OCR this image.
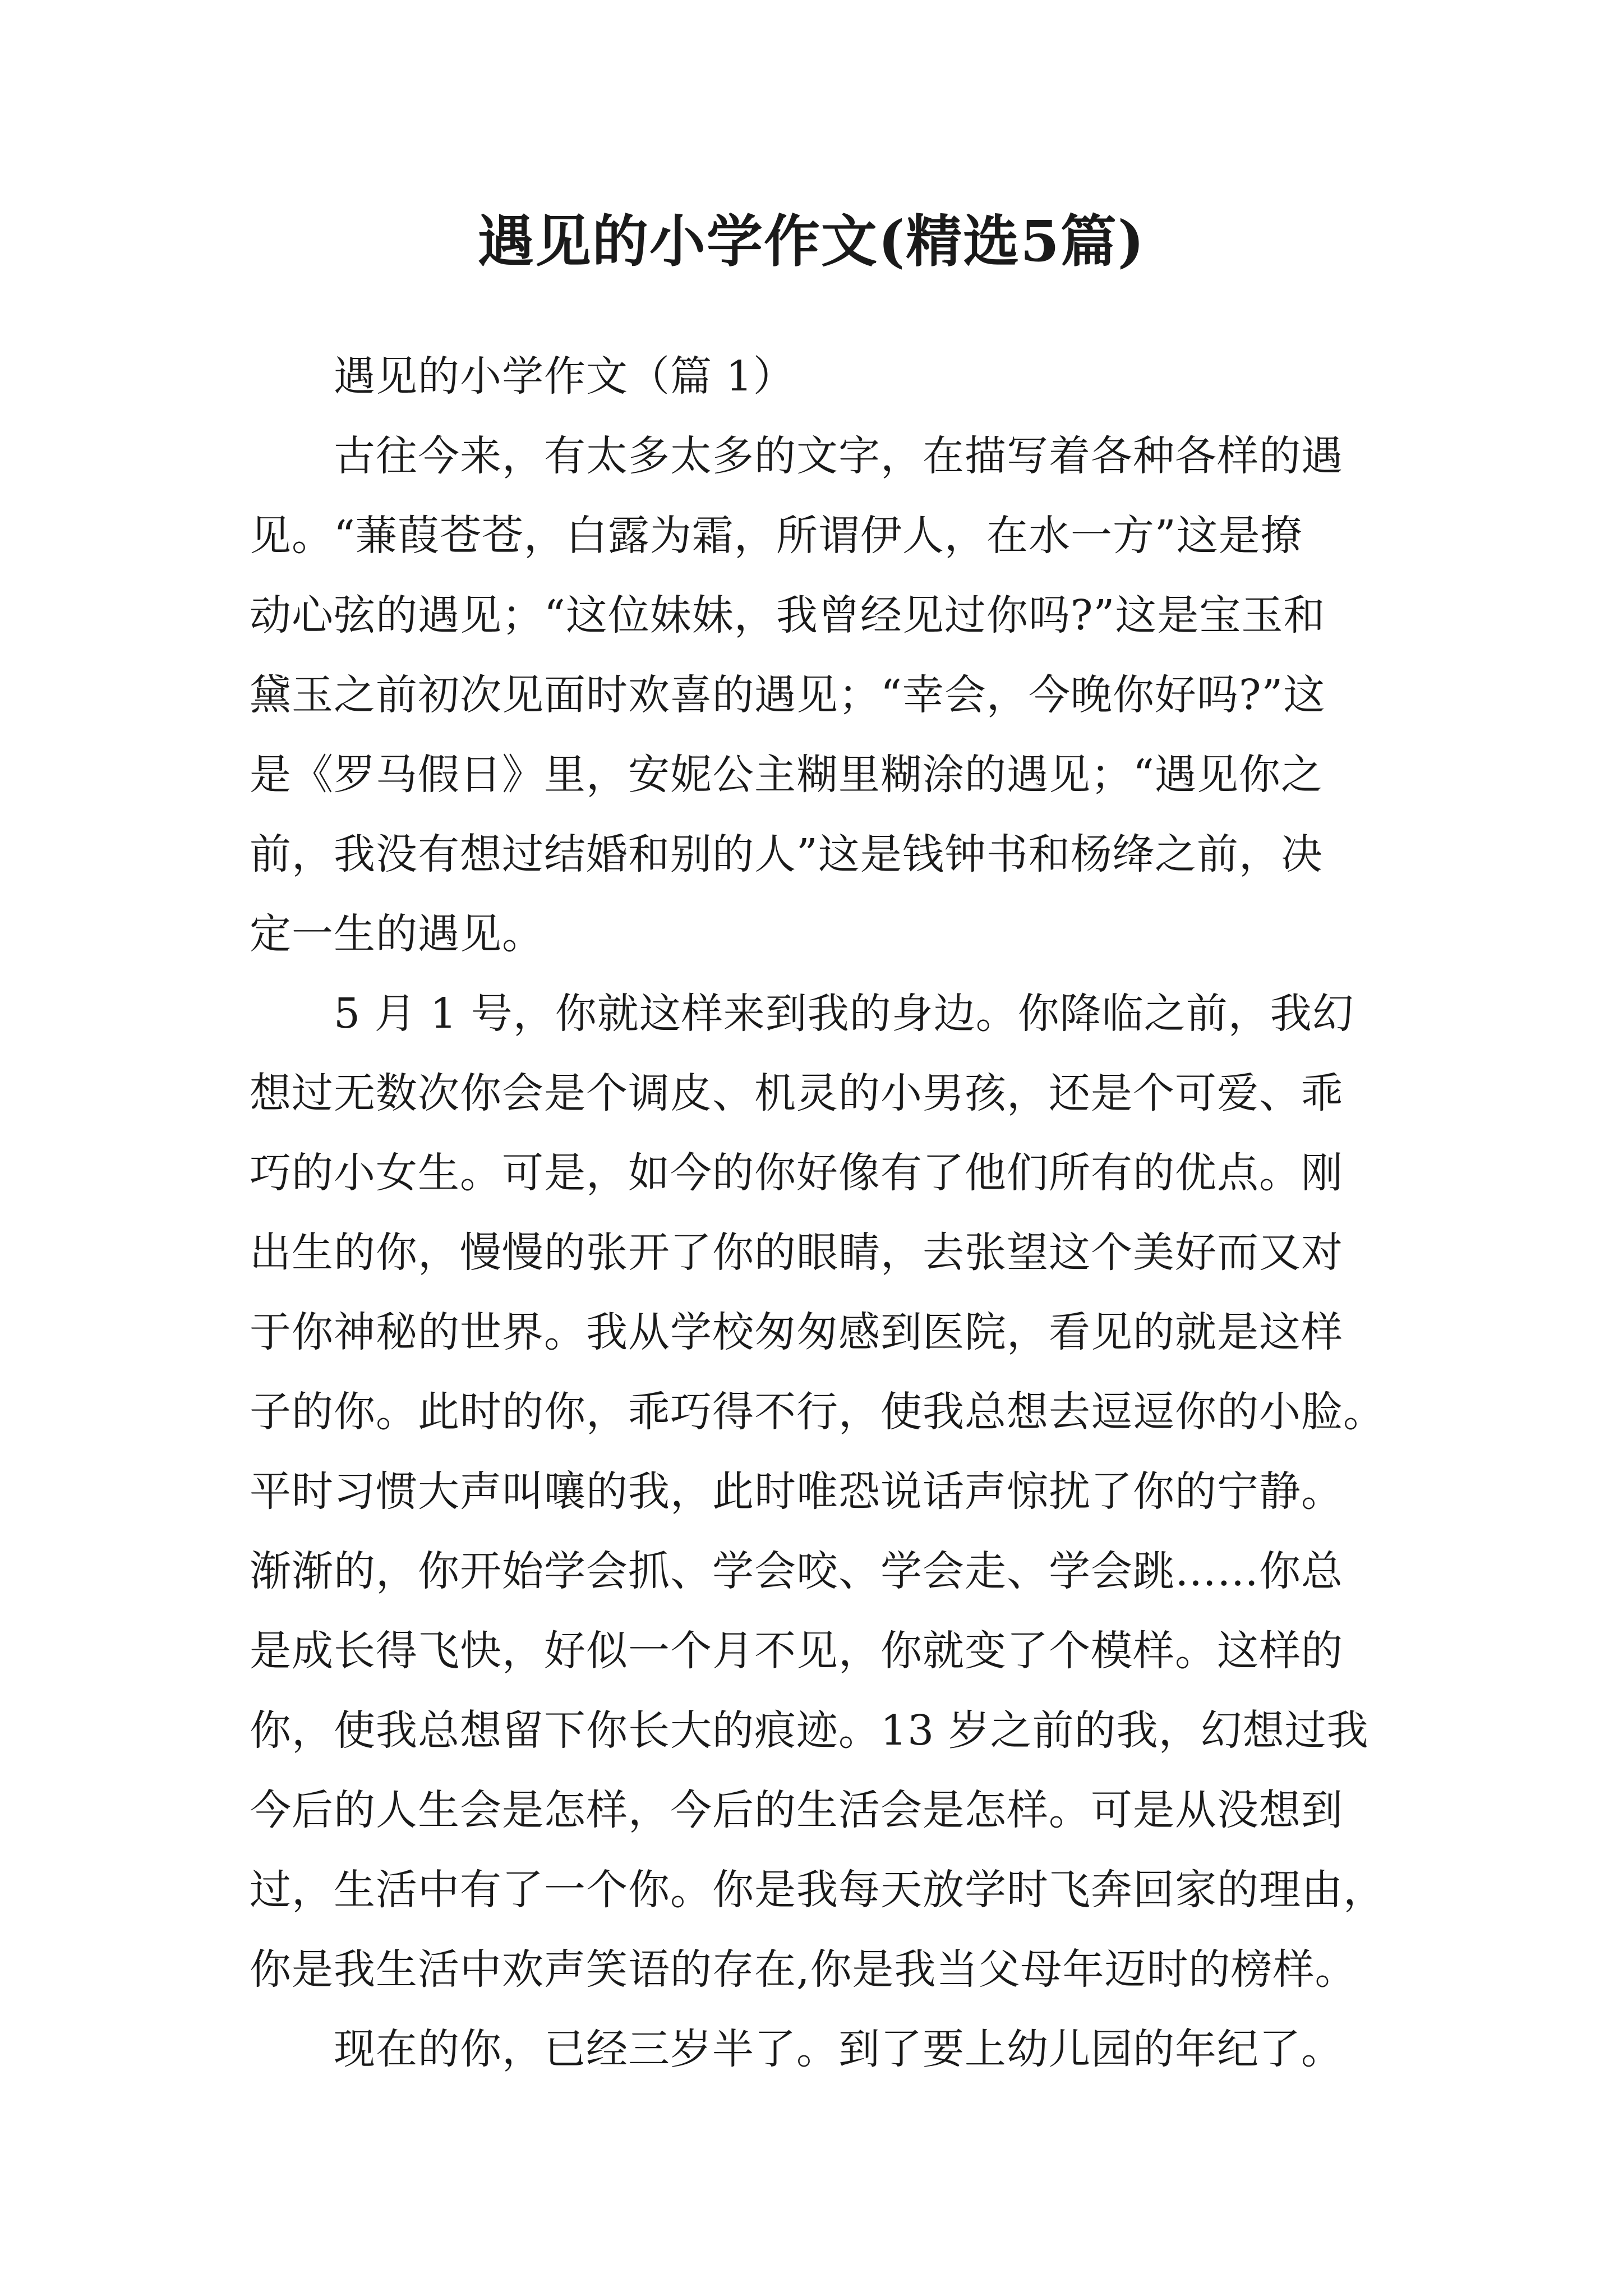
遇见的小学作文(精选5篇)

遇见的小学作文（篇 1）

古往今来，有太多太多的文字，在描写着各种各样的遇

见。“蒹葭苍苍，白露为霜，所谓伊人，在水一方”这是撩

动心弦的遇见；“这位妹妹，我曾经见过你吗?”这是宝玉和

黛玉之前初次见面时欢喜的遇见；“幸会，今晚你好吗?”这

是《罗马假日》里，安妮公主糊里糊涂的遇见；“遇见你之

前，我没有想过结婚和别的人”这是钱钟书和杨绛之前，决

定一生的遇见。

5 月 1 号，你就这样来到我的身边。你降临之前，我幻

想过无数次你会是个调皮、机灵的小男孩，还是个可爱、乖

巧的小女生。可是，如今的你好像有了他们所有的优点。刚

出生的你，慢慢的张开了你的眼睛，去张望这个美好而又对

于你神秘的世界。我从学校匆匆感到医院，看见的就是这样

子的你。此时的你，乖巧得不行，使我总想去逗逗你的小脸。

平时习惯大声叫嚷的我，此时唯恐说话声惊扰了你的宁静。

渐渐的，你开始学会抓、学会咬、学会走、学会跳……你总

是成长得飞快，好似一个月不见，你就变了个模样。这样的

你，使我总想留下你长大的痕迹。13 岁之前的我，幻想过我

今后的人生会是怎样，今后的生活会是怎样。可是从没想到

过，生活中有了一个你。你是我每天放学时飞奔回家的理由，

你是我生活中欢声笑语的存在,你是我当父母年迈时的榜样。

现在的你，已经三岁半了。到了要上幼儿园的年纪了。
